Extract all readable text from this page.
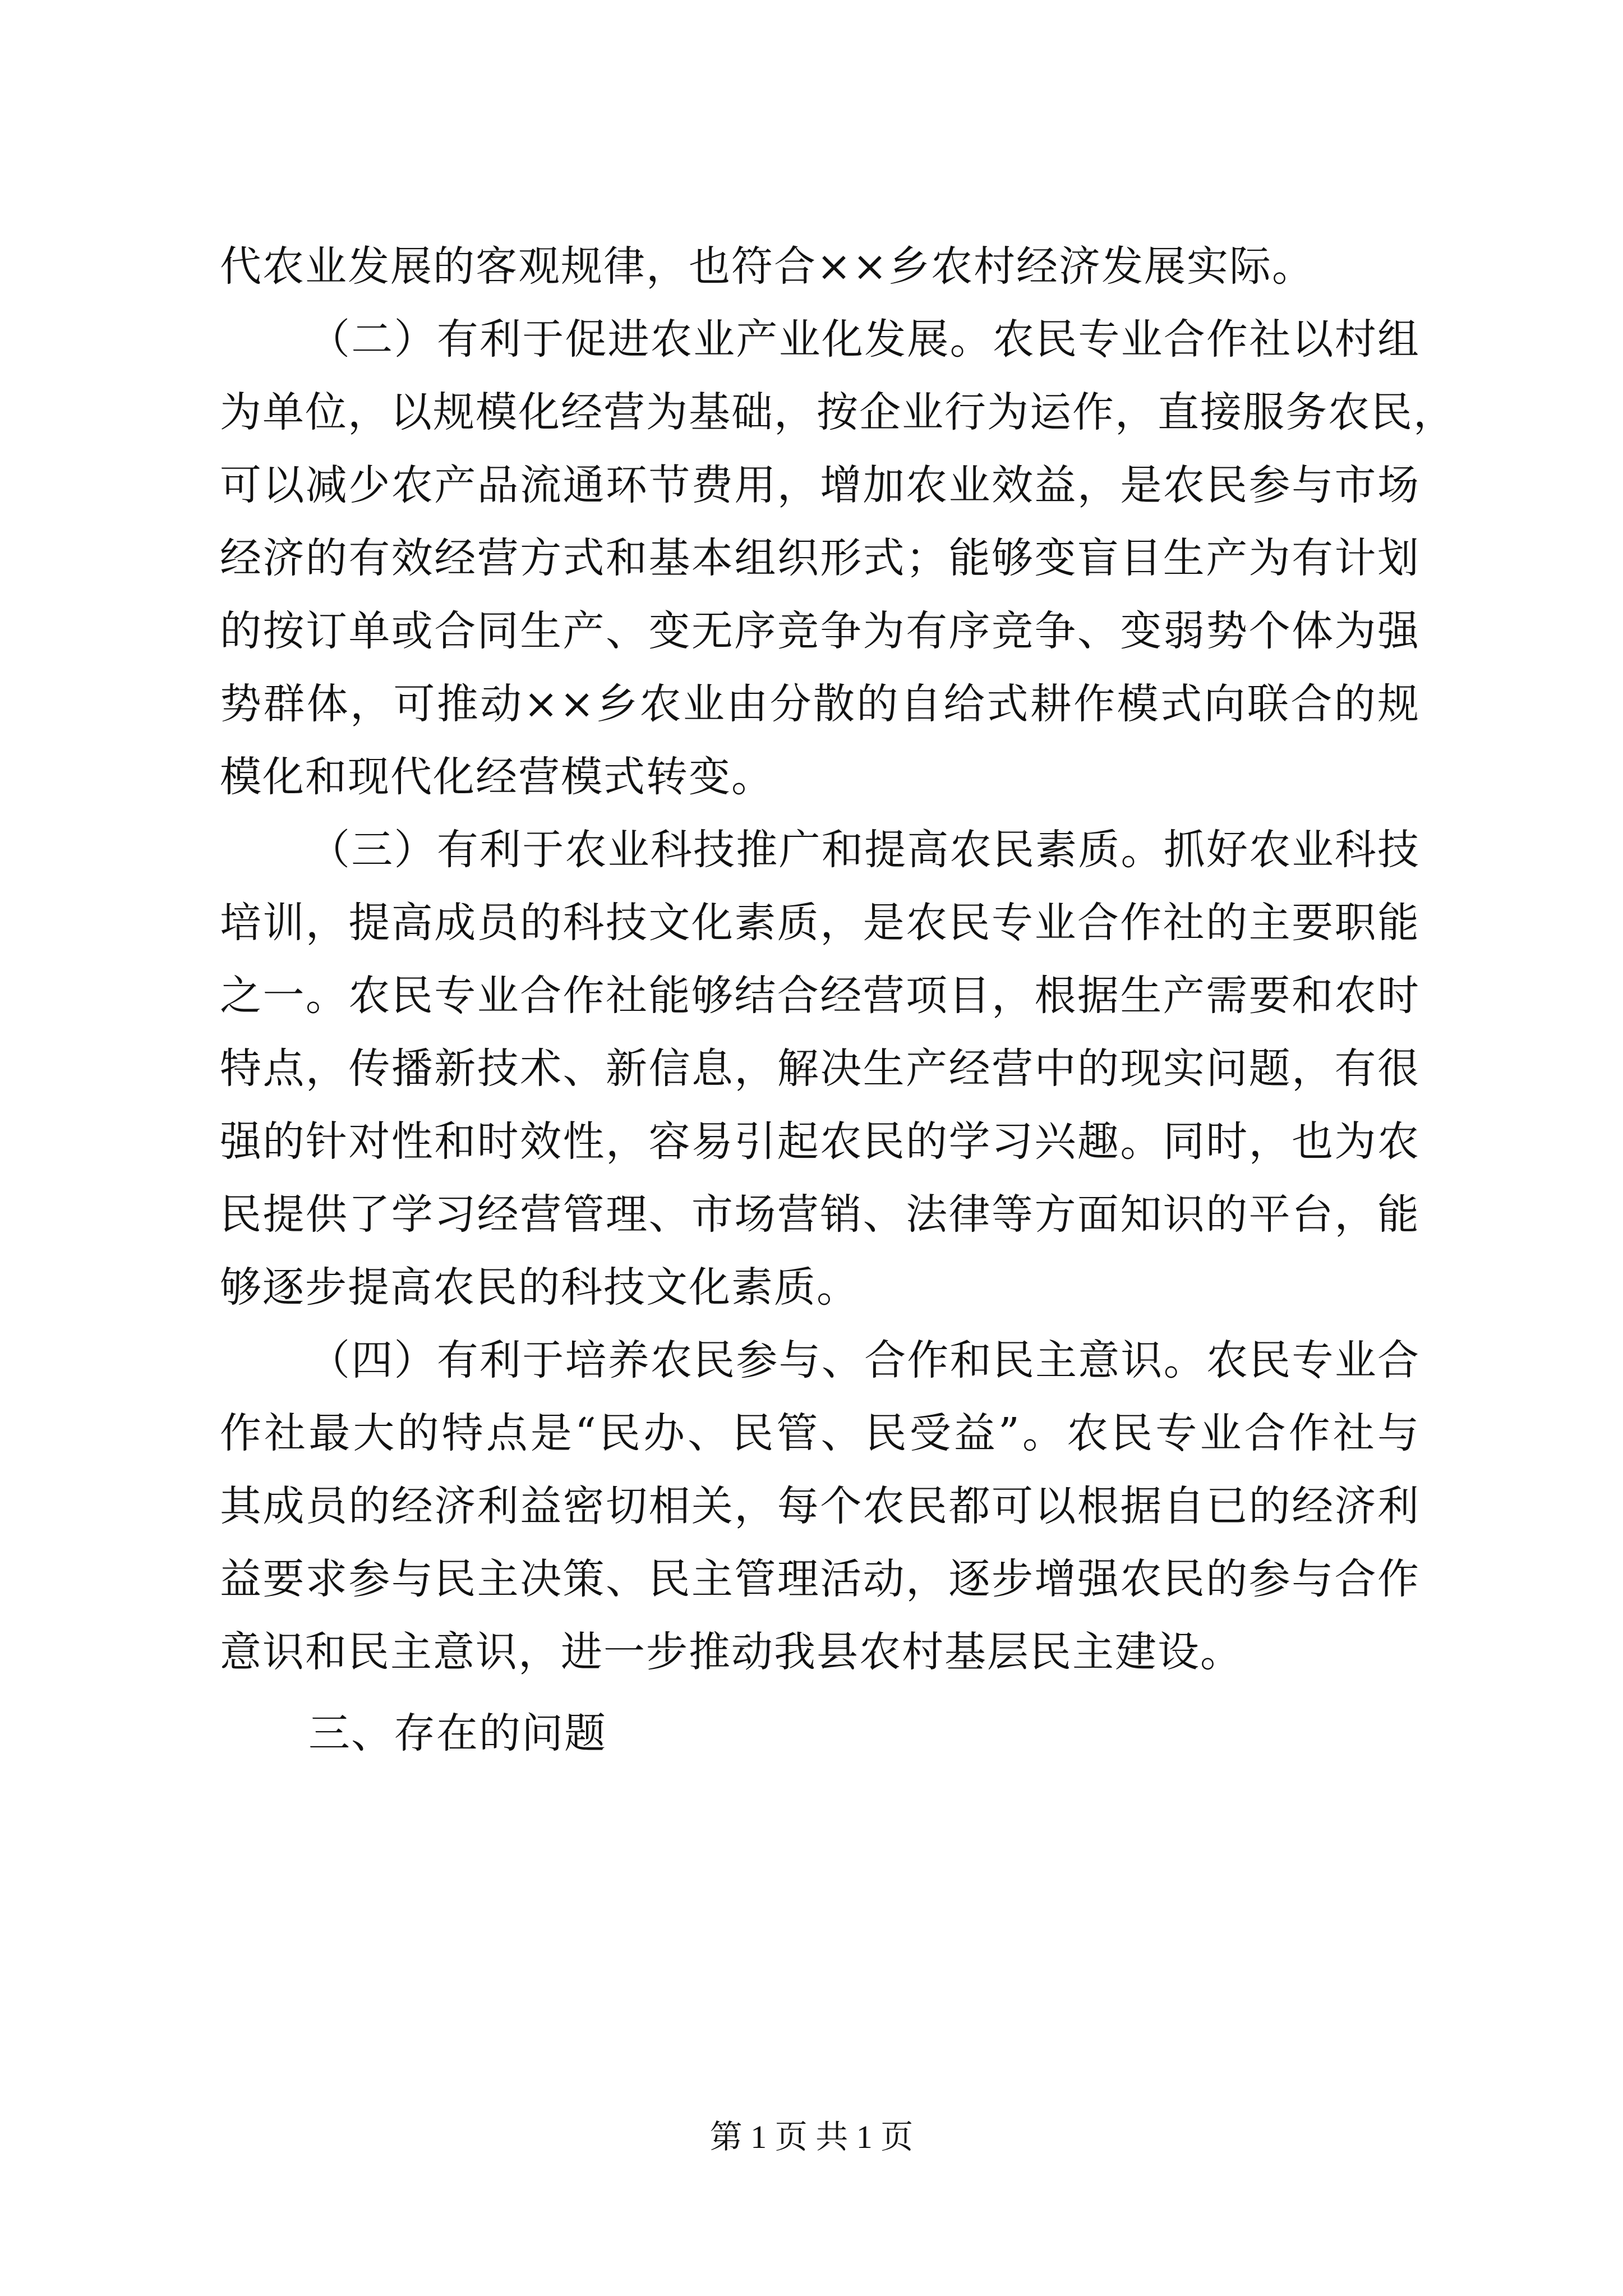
代农业发展的客观规律，也符合××乡农村经济发展实际。
（二）有利于促进农业产业化发展。农民专业合作社以村组
为单位，以规模化经营为基础，按企业行为运作，直接服务农民，
可以减少农产品流通环节费用，增加农业效益，是农民参与市场
经济的有效经营方式和基本组织形式；能够变盲目生产为有计划
的按订单或合同生产、变无序竞争为有序竞争、变弱势个体为强
势群体，可推动××乡农业由分散的自给式耕作模式向联合的规
模化和现代化经营模式转变。
（三）有利于农业科技推广和提高农民素质。抓好农业科技
培训，提高成员的科技文化素质，是农民专业合作社的主要职能
之一。农民专业合作社能够结合经营项目，根据生产需要和农时
特点，传播新技术、新信息，解决生产经营中的现实问题，有很
强的针对性和时效性，容易引起农民的学习兴趣。同时，也为农
民提供了学习经营管理、市场营销、法律等方面知识的平台，能
够逐步提高农民的科技文化素质。
（四）有利于培养农民参与、合作和民主意识。农民专业合
作社最大的特点是“民办、民管、民受益”。农民专业合作社与
其成员的经济利益密切相关，每个农民都可以根据自已的经济利
益要求参与民主决策、民主管理活动，逐步增强农民的参与合作
意识和民主意识，进一步推动我县农村基层民主建设。
三、存在的问题
第 1 页 共 1 页
